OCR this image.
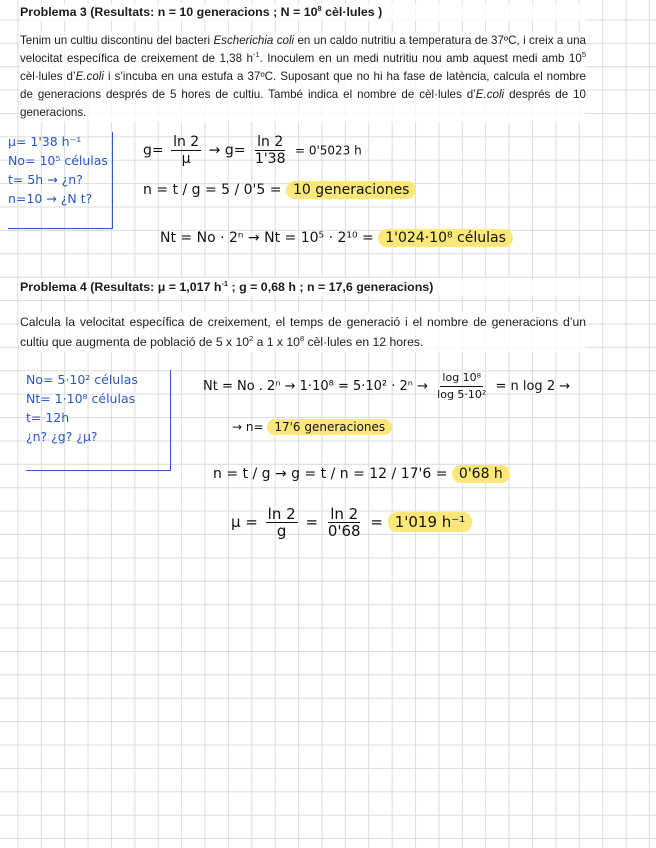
Problema 3 (Resultats: n = 10 generacions ; $N = 10^8$ cèl·lules )

Tenim un cultiu discontinu del bacteri Escherichia coli en un caldo nutritiu a temperatura de 37ºC, i creix a una velocitat específica de creixement de 1,38 $h^{-1}$. Inoculem en un medi nutritiu nou amb aquest medi amb $10^5$ cèl·lules d’E.coli i s’incuba en una estufa a 37ºC. Suposant que no hi ha fase de latència, calcula el nombre de generacions després de 5 hores de cultiu. També indica el nombre de cèl·lules d’E.coli després de 10 generacions.

μ= 1'38 h⁻¹
No= 10⁵ células
t= 5h → ¿n?
n=10 → ¿N t?
$g= \frac{\ln 2}{\mu} \to g= \frac{\ln 2}{1'38} = 0'5023$ h
n = t / g = 5 / 0'5 = 10 generaciones
Nt = No · 2ⁿ → Nt = 10⁵ · 2¹⁰ = 1'024·10⁸ células
Problema 4 (Resultats: μ = 1,017 $h^{-1}$ ; g = 0,68 h ; n = 17,6 generacions)

Calcula la velocitat específica de creixement, el temps de generació i el nombre de generacions d’un cultiu que augmenta de població de 5 x $10^2$ a 1 x $10^8$ cèl·lules en 12 hores.

No= 5·10² células
Nt= 1·10⁸ células
t= 12h
¿n? ¿g? ¿μ?
Nt = No . $2^n \to 1\cdot 10^8 = 5\cdot 10^2 \cdot 2^n \to \frac{\text{log 10⁸}}{\text{log 5·10²}} = n$ log 2 →
→ n= 17'6 generaciones
n = t / g → g = t / n = 12 / 17'6 = 0'68 h
$\mu = \frac{\ln 2}{g} = \frac{\ln 2}{0'68} = 1'019$ h⁻¹
